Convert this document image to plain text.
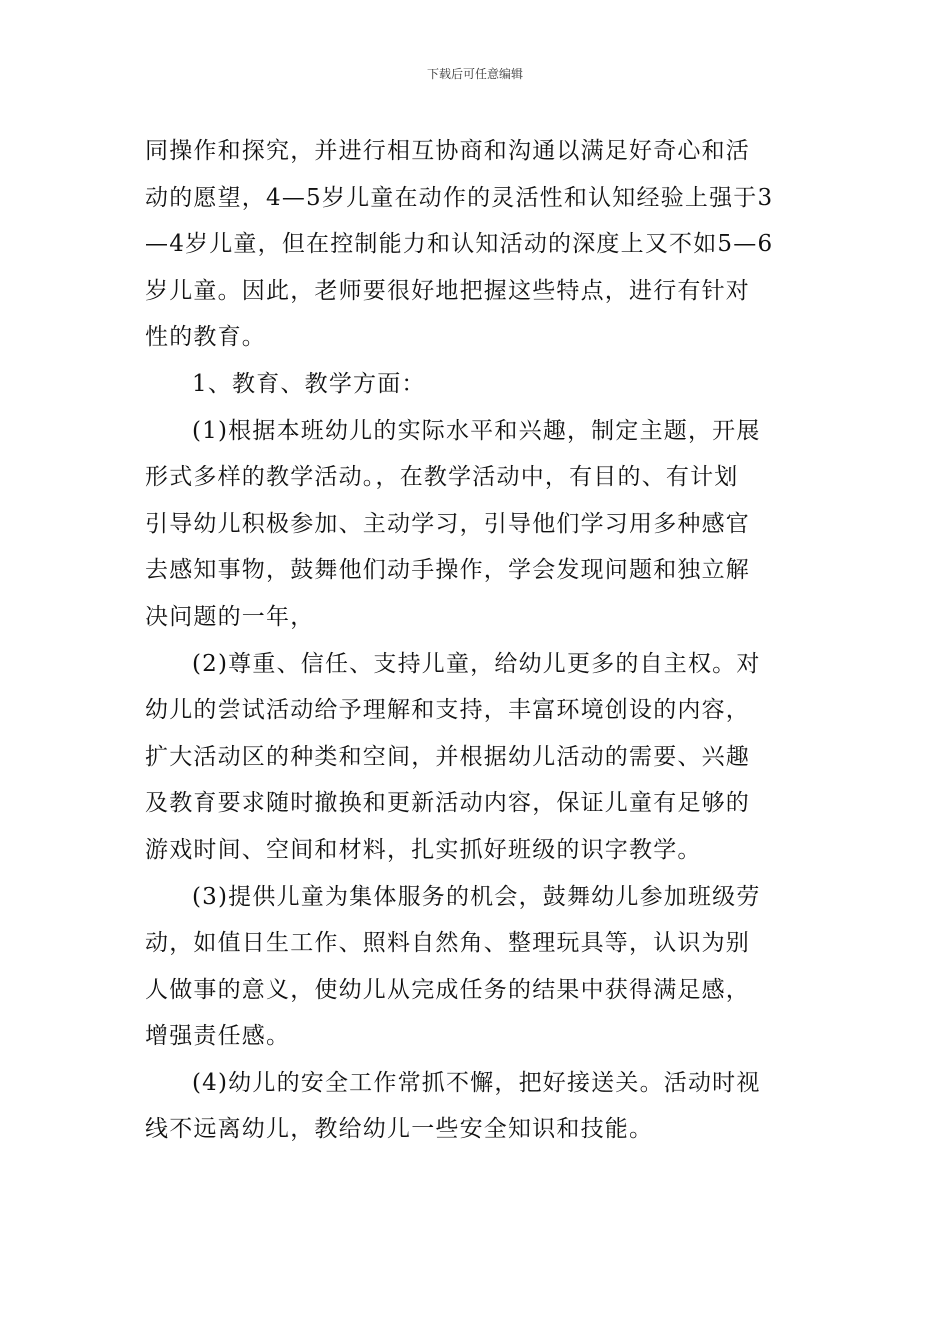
下载后可任意编辑
同操作和探究，并进行相互协商和沟通以满足好奇心和活
动的愿望，4—5岁儿童在动作的灵活性和认知经验上强于3
—4岁儿童，但在控制能力和认知活动的深度上又不如5—6
岁儿童。因此，老师要很好地把握这些特点，进行有针对
性的教育。
1、教育、教学方面：
(1)根据本班幼儿的实际水平和兴趣，制定主题，开展
形式多样的教学活动。，在教学活动中，有目的、有计划
引导幼儿积极参加、主动学习，引导他们学习用多种感官
去感知事物，鼓舞他们动手操作，学会发现问题和独立解
决问题的一年，
(2)尊重、信任、支持儿童，给幼儿更多的自主权。对
幼儿的尝试活动给予理解和支持，丰富环境创设的内容，
扩大活动区的种类和空间，并根据幼儿活动的需要、兴趣
及教育要求随时撤换和更新活动内容，保证儿童有足够的
游戏时间、空间和材料，扎实抓好班级的识字教学。
(3)提供儿童为集体服务的机会，鼓舞幼儿参加班级劳
动，如值日生工作、照料自然角、整理玩具等，认识为别
人做事的意义，使幼儿从完成任务的结果中获得满足感，
增强责任感。
(4)幼儿的安全工作常抓不懈，把好接送关。活动时视
线不远离幼儿，教给幼儿一些安全知识和技能。
